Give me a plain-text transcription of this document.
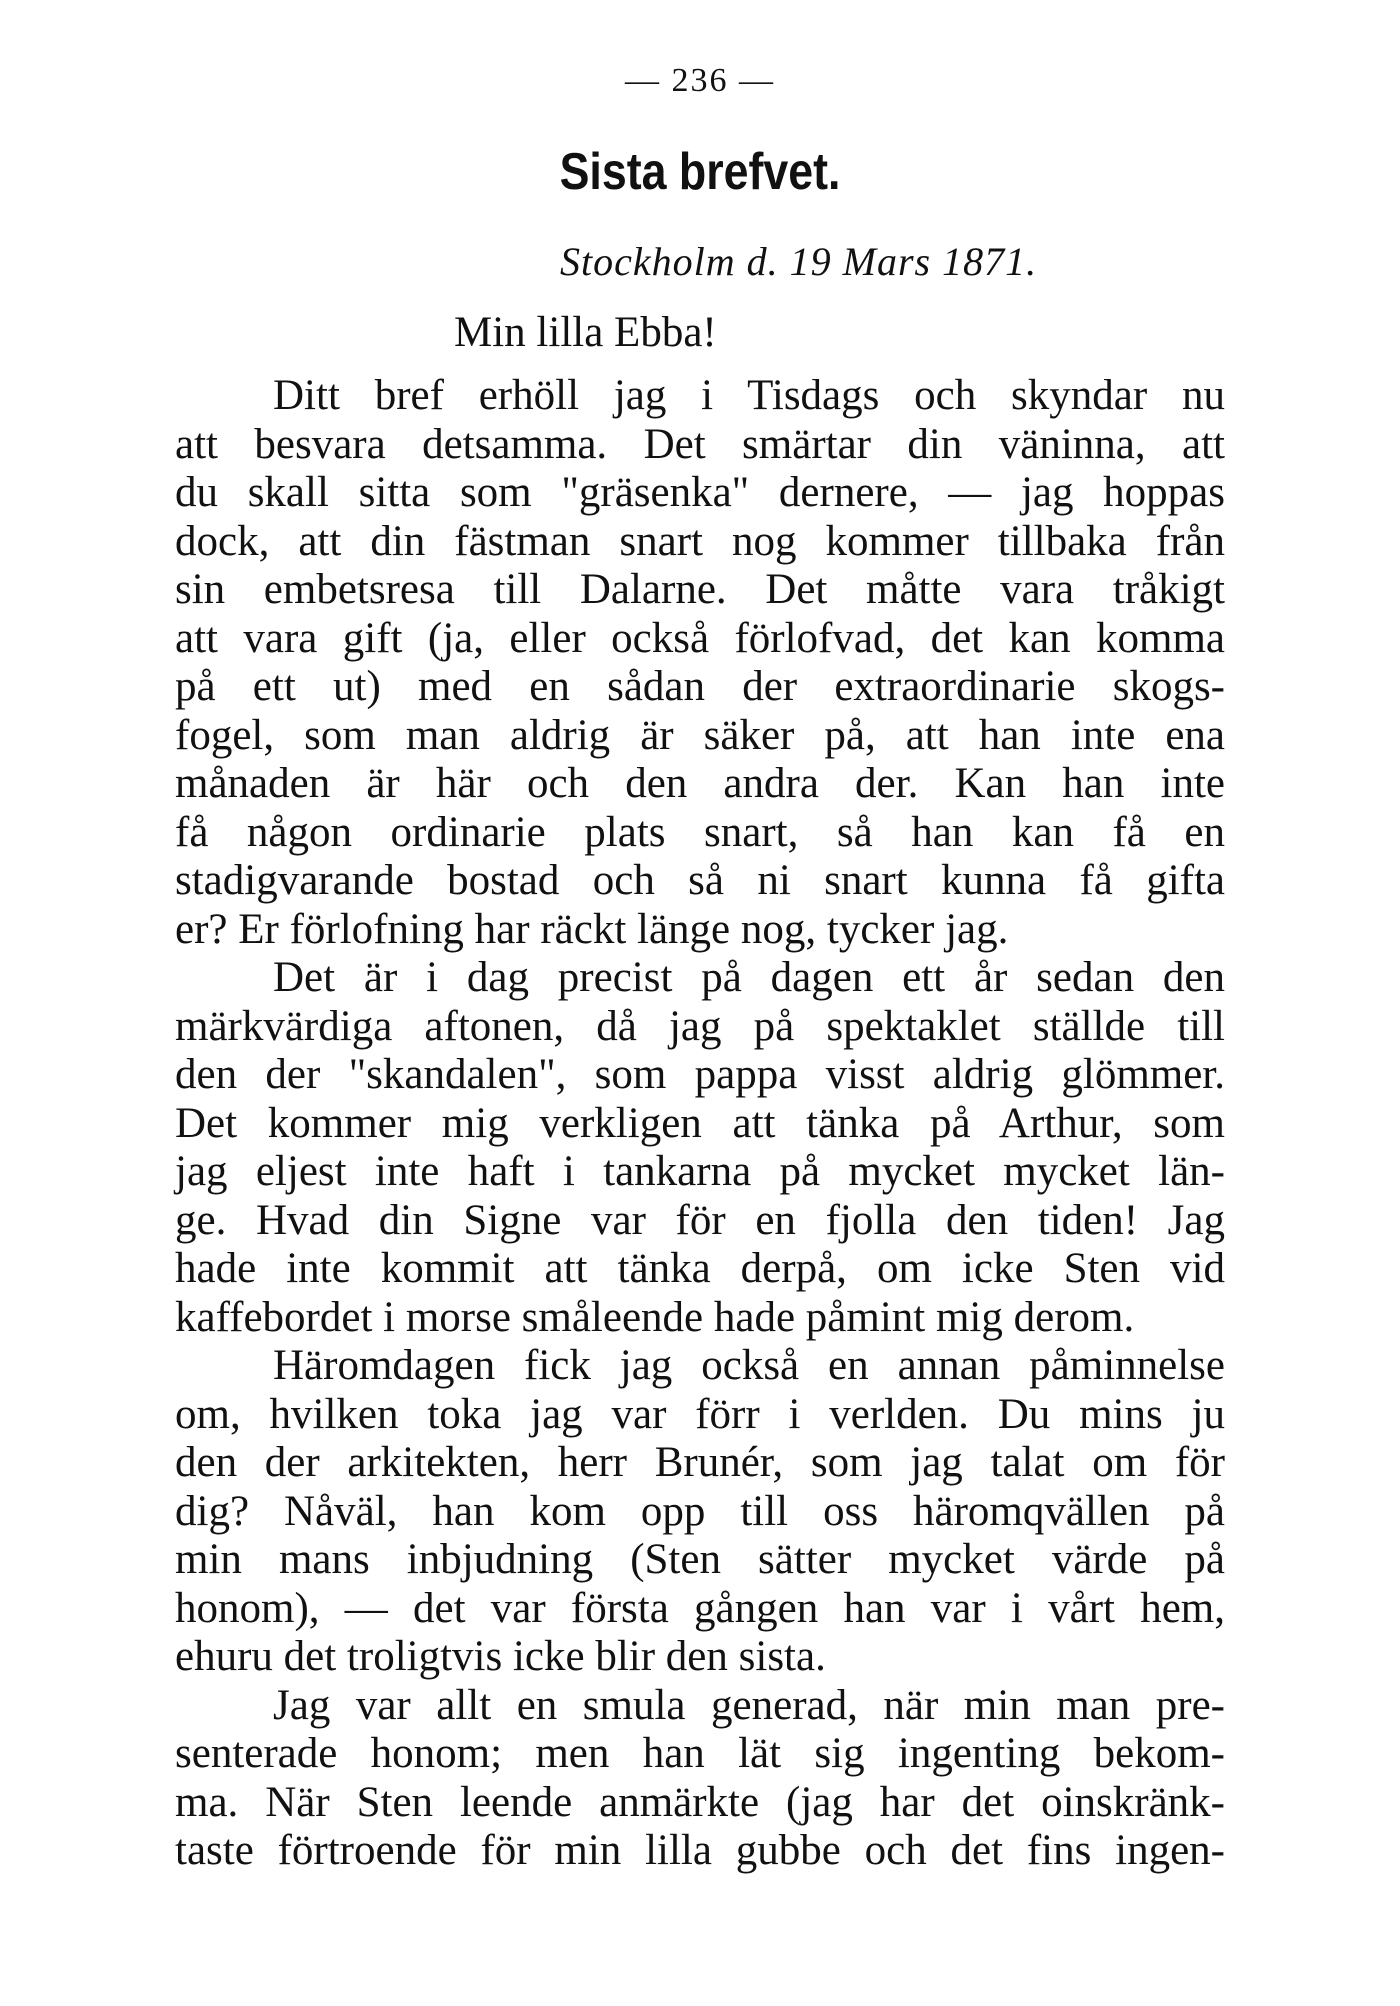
— 236 —
Sista brefvet.
Stockholm d. 19 Mars 1871.
Min lilla Ebba!
Ditt bref erhöll jag i Tisdags och skyndar nu
att besvara detsamma. Det smärtar din väninna, att
du skall sitta som "gräsenka" dernere, — jag hoppas
dock, att din fästman snart nog kommer tillbaka från
sin embetsresa till Dalarne. Det måtte vara tråkigt
att vara gift (ja, eller också förlofvad, det kan komma
på ett ut) med en sådan der extraordinarie skogs-
fogel, som man aldrig är säker på, att han inte ena
månaden är här och den andra der. Kan han inte
få någon ordinarie plats snart, så han kan få en
stadigvarande bostad och så ni snart kunna få gifta
er? Er förlofning har räckt länge nog, tycker jag.
Det är i dag precist på dagen ett år sedan den
märkvärdiga aftonen, då jag på spektaklet ställde till
den der "skandalen", som pappa visst aldrig glömmer.
Det kommer mig verkligen att tänka på Arthur, som
jag eljest inte haft i tankarna på mycket mycket län-
ge. Hvad din Signe var för en fjolla den tiden! Jag
hade inte kommit att tänka derpå, om icke Sten vid
kaffebordet i morse småleende hade påmint mig derom.
Häromdagen fick jag också en annan påminnelse
om, hvilken toka jag var förr i verlden. Du mins ju
den der arkitekten, herr Brunér, som jag talat om för
dig? Nåväl, han kom opp till oss häromqvällen på
min mans inbjudning (Sten sätter mycket värde på
honom), — det var första gången han var i vårt hem,
ehuru det troligtvis icke blir den sista.
Jag var allt en smula generad, när min man pre-
senterade honom; men han lät sig ingenting bekom-
ma. När Sten leende anmärkte (jag har det oinskränk-
taste förtroende för min lilla gubbe och det fins ingen-
